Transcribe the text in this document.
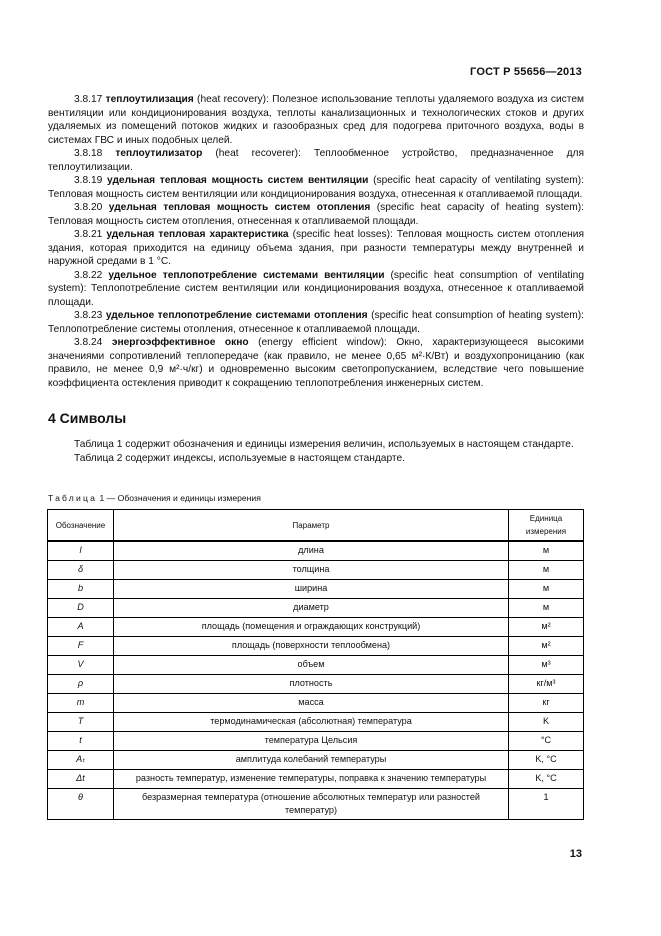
ГОСТ Р 55656—2013

3.8.17 теплоутилизация (heat recovery): Полезное использование теплоты удаляемого воздуха из систем вентиляции или кондиционирования воздуха, теплоты канализационных и технологических стоков и других удаляемых из помещений потоков жидких и газообразных сред для подогрева приточного воздуха, воды в системах ГВС и иных подобных целей.

3.8.18 теплоутилизатор (heat recoverer): Теплообменное устройство, предназначенное для теплоутилизации.

3.8.19 удельная тепловая мощность систем вентиляции (specific heat capacity of ventilating system): Тепловая мощность систем вентиляции или кондиционирования воздуха, отнесенная к отапливаемой площади.

3.8.20 удельная тепловая мощность систем отопления (specific heat capacity of heating system): Тепловая мощность систем отопления, отнесенная к отапливаемой площади.

3.8.21 удельная тепловая характеристика (specific heat losses): Тепловая мощность систем отопления здания, которая приходится на единицу объема здания, при разности температуры между внутренней и наружной средами в 1 °С.

3.8.22 удельное теплопотребление системами вентиляции (specific heat consumption of ventilating system): Теплопотребление систем вентиляции или кондиционирования воздуха, отнесенное к отапливаемой площади.

3.8.23 удельное теплопотребление системами отопления (specific heat consumption of heating system): Теплопотребление системы отопления, отнесенное к отапливаемой площади.

3.8.24 энергоэффективное окно (energy efficient window): Окно, характеризующееся высокими значениями сопротивлений теплопередаче (как правило, не менее 0,65 м²·К/Вт) и воздухопроницанию (как правило, не менее 0,9 м²·ч/кг) и одновременно высоким светопропусканием, вследствие чего повышение коэффициента остекления приводит к сокращению теплопотребления инженерных систем.

4 Символы

Таблица 1 содержит обозначения и единицы измерения величин, используемых в настоящем стандарте.

Таблица 2 содержит индексы, используемые в настоящем стандарте.

Таблица 1 — Обозначения и единицы измерения
Обозначение	Параметр	Единица измерения
l	длина	м
δ	толщина	м
b	ширина	м
D	диаметр	м
A	площадь (помещения и ограждающих конструкций)	м²
F	площадь (поверхности теплообмена)	м²
V	объем	м³
ρ	плотность	кг/м³
m	масса	кг
T	термодинамическая (абсолютная) температура	K
t	температура Цельсия	°С
Aₜ	амплитуда колебаний температуры	K, °С
Δt	разность температур, изменение температуры, поправка к значению температуры	K, °С
θ	безразмерная температура (отношение абсолютных температур или разностей температур)	1
13
